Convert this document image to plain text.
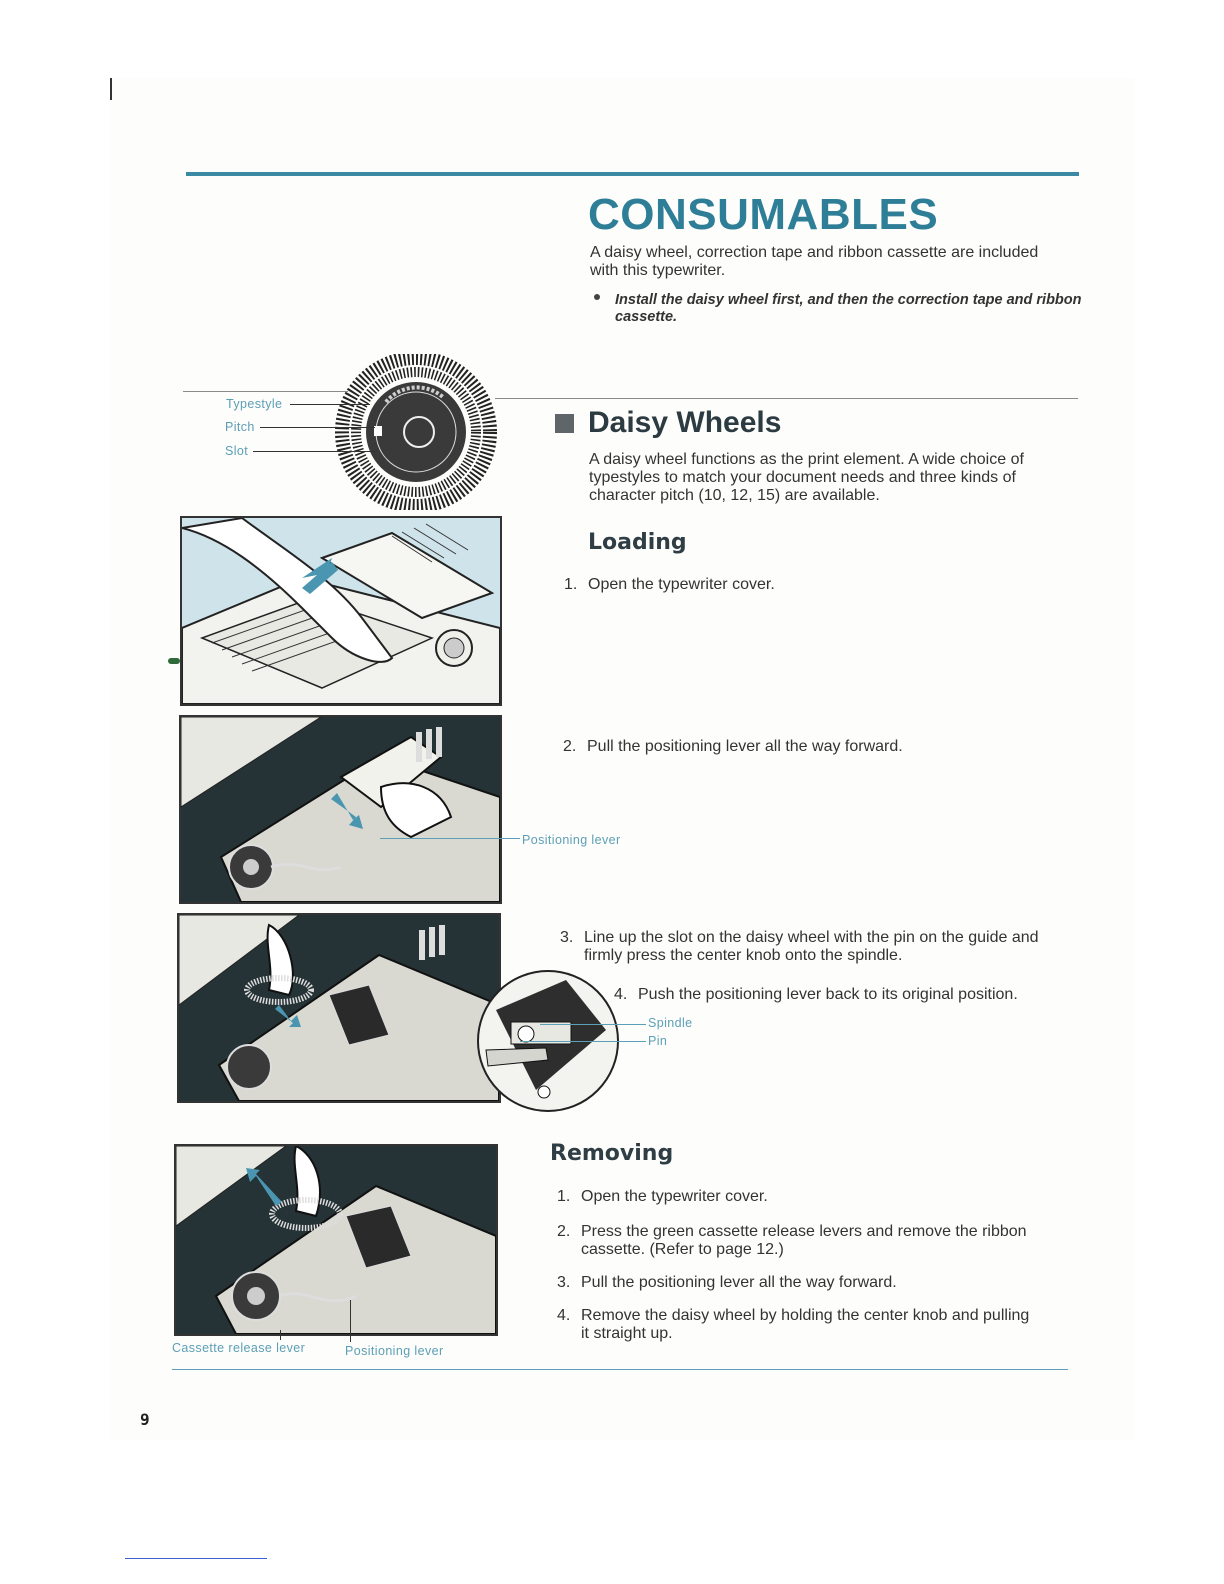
CONSUMABLES

A daisy wheel, correction tape and ribbon cassette are included with this typewriter.

Install the daisy wheel first, and then the correction tape and ribbon cassette.

Typestyle
Pitch
Slot
Daisy Wheels

A daisy wheel functions as the print element. A wide choice of typestyles to match your document needs and three kinds of character pitch (10, 12, 15) are available.

Loading
1. Open the typewriter cover.
2. Pull the positioning lever all the way forward.
3. Line up the slot on the daisy wheel with the pin on the guide and firmly press the center knob onto the spindle.
4. Push the positioning lever back to its original position.
Positioning lever
Spindle
Pin
Removing
1. Open the typewriter cover.
2. Press the green cassette release levers and remove the ribbon cassette. (Refer to page 12.)
3. Pull the positioning lever all the way forward.
4. Remove the daisy wheel by holding the center knob and pulling it straight up.
Cassette release lever	Positioning lever
9
